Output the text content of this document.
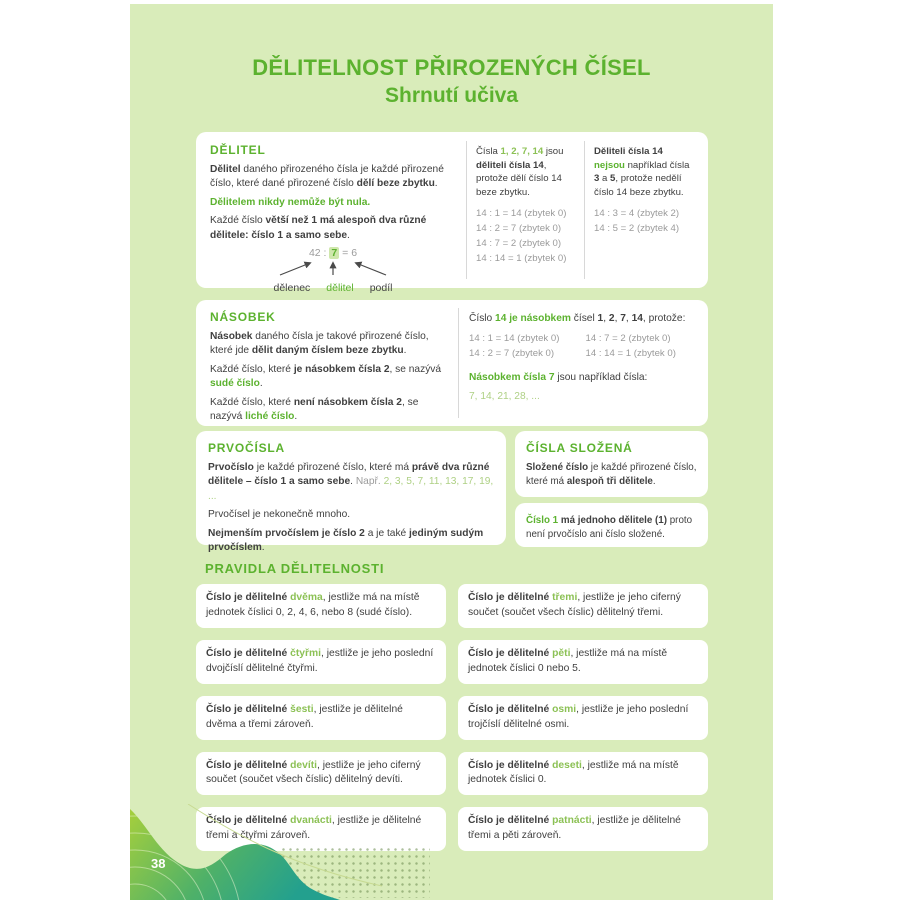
DĚLITELNOST PŘIROZENÝCH ČÍSEL
Shrnutí učiva
DĚLITEL

Dělitel daného přirozeného čísla je každé přirozené číslo, které dané přirozené číslo dělí beze zbytku.

Dělitelem nikdy nemůže být nula.

Každé číslo větší než 1 má alespoň dva různé dělitele: číslo 1 a samo sebe.

42 : 7 = 6
dělenec dělitel podíl

Čísla 1, 2, 7, 14 jsou děliteli čísla 14, protože dělí číslo 14 beze zbytku.

14 : 1 = 14 (zbytek 0)
14 : 2 = 7 (zbytek 0)
14 : 7 = 2 (zbytek 0)
14 : 14 = 1 (zbytek 0)

Děliteli čísla 14 nejsou například čísla 3 a 5, protože nedělí číslo 14 beze zbytku.

14 : 3 = 4 (zbytek 2)
14 : 5 = 2 (zbytek 4)
NÁSOBEK

Násobek daného čísla je takové přirozené číslo, které jde dělit daným číslem beze zbytku.

Každé číslo, které je násobkem čísla 2, se nazývá sudé číslo.

Každé číslo, které není násobkem čísla 2, se nazývá liché číslo.

Číslo 14 je násobkem čísel 1, 2, 7, 14, protože:

14 : 1 = 14 (zbytek 0)	14 : 7 = 2 (zbytek 0)
14 : 2 = 7 (zbytek 0)	14 : 14 = 1 (zbytek 0)

Násobkem čísla 7 jsou například čísla:

7, 14, 21, 28, ...

PRVOČÍSLA

Prvočíslo je každé přirozené číslo, které má právě dva různé dělitele – číslo 1 a samo sebe. Např. 2, 3, 5, 7, 11, 13, 17, 19, ...

Prvočísel je nekonečně mnoho.

Nejmenším prvočíslem je číslo 2 a je také jediným sudým prvočíslem.

ČÍSLA SLOŽENÁ

Složené číslo je každé přirozené číslo, které má alespoň tři dělitele.

Číslo 1 má jednoho dělitele (1) proto není prvočíslo ani číslo složené.

PRAVIDLA DĚLITELNOSTI
Číslo je dělitelné dvěma, jestliže má na místě jednotek číslici 0, 2, 4, 6, nebo 8 (sudé číslo).
Číslo je dělitelné třemi, jestliže je jeho ciferný součet (součet všech číslic) dělitelný třemi.
Číslo je dělitelné čtyřmi, jestliže je jeho poslední dvojčíslí dělitelné čtyřmi.
Číslo je dělitelné pěti, jestliže má na místě jednotek číslici 0 nebo 5.
Číslo je dělitelné šesti, jestliže je dělitelné dvěma a třemi zároveň.
Číslo je dělitelné osmi, jestliže je jeho poslední trojčíslí dělitelné osmi.
Číslo je dělitelné devíti, jestliže je jeho ciferný součet (součet všech číslic) dělitelný devíti.
Číslo je dělitelné deseti, jestliže má na místě jednotek číslici 0.
Číslo je dělitelné dvanácti, jestliže je dělitelné třemi a čtyřmi zároveň.
Číslo je dělitelné patnácti, jestliže je dělitelné třemi a pěti zároveň.
38
